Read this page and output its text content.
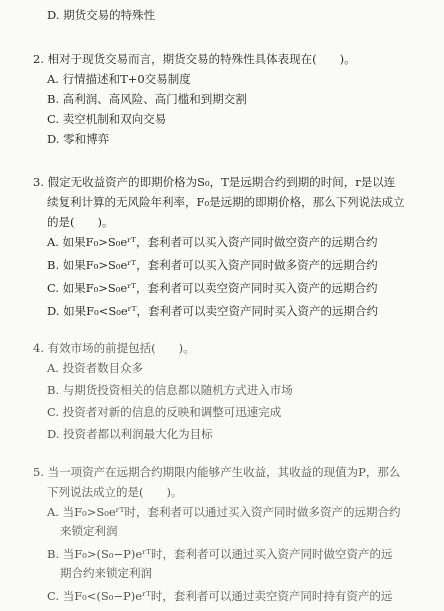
D. 期货交易的特殊性
2. 相对于现货交易而言，期货交易的特殊性具体表现在(　　)。
A. 行情描述和T+0交易制度
B. 高利润、高风险、高门槛和到期交割
C. 卖空机制和双向交易
D. 零和博弈
3. 假定无收益资产的即期价格为S₀，T是远期合约到期的时间，r是以连
续复利计算的无风险年利率，F₀是远期的即期价格，那么下列说法成立
的是(　　)。
A. 如果F₀>S₀eʳᵀ，套利者可以买入资产同时做空资产的远期合约
B. 如果F₀>S₀eʳᵀ，套利者可以买入资产同时做多资产的远期合约
C. 如果F₀>S₀eʳᵀ，套利者可以卖空资产同时买入资产的远期合约
D. 如果F₀<S₀eʳᵀ，套利者可以卖空资产同时买入资产的远期合约
4. 有效市场的前提包括(　　)。
A. 投资者数目众多
B. 与期货投资相关的信息都以随机方式进入市场
C. 投资者对新的信息的反映和调整可迅速完成
D. 投资者都以利润最大化为目标
5. 当一项资产在远期合约期限内能够产生收益，其收益的现值为P，那么
下列说法成立的是(　　)。
A. 当F₀>S₀eʳᵀ时，套利者可以通过买入资产同时做多资产的远期合约
来锁定利润
B. 当F₀>(S₀−P)eʳᵀ时，套利者可以通过买入资产同时做空资产的远
期合约来锁定利润
C. 当F₀<(S₀−P)eʳᵀ时，套利者可以通过卖空资产同时持有资产的远
